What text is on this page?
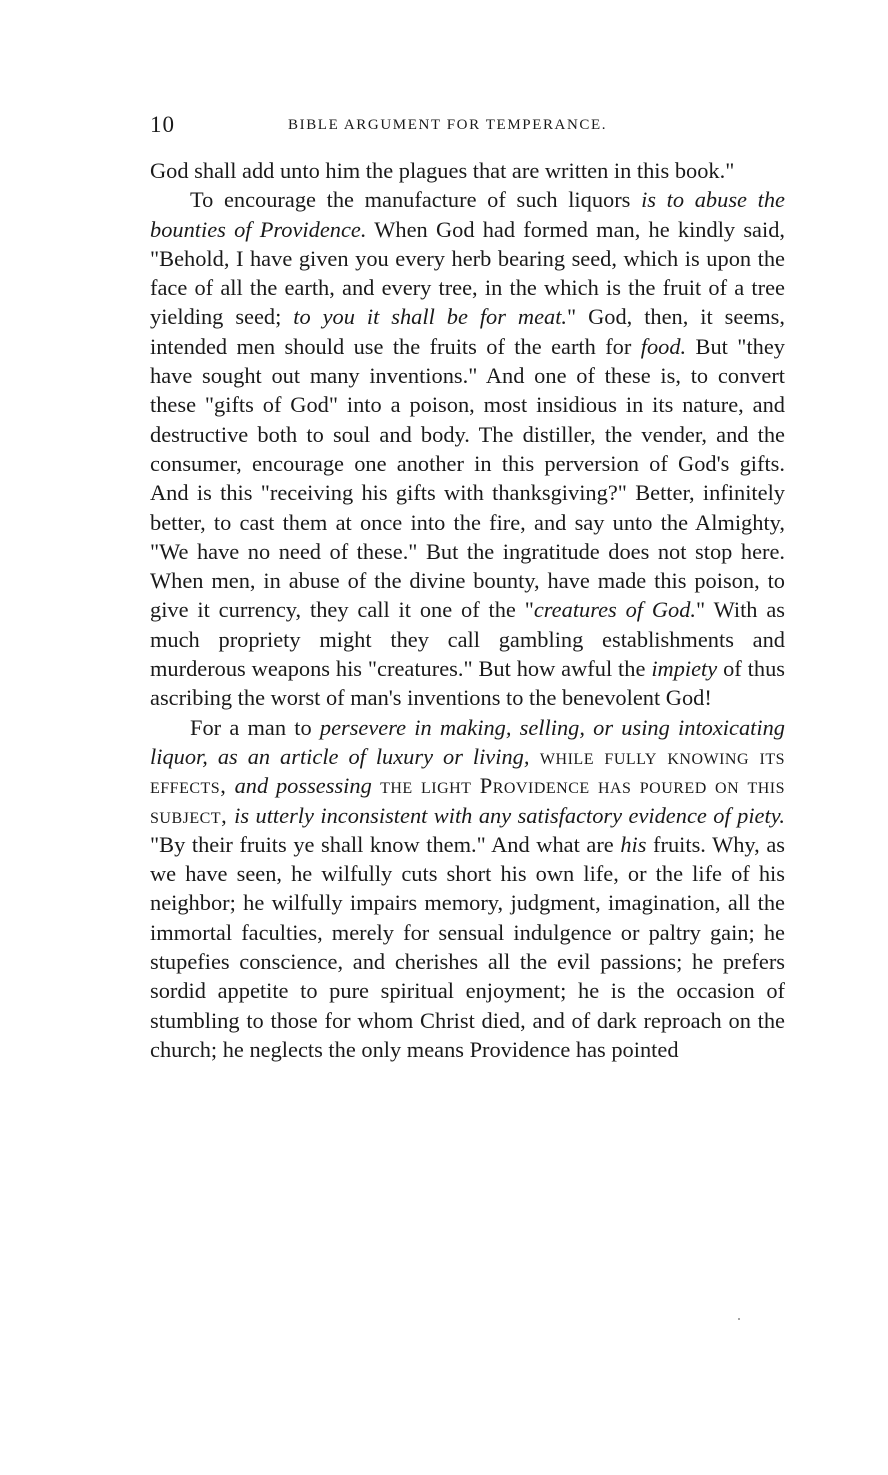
10	BIBLE ARGUMENT FOR TEMPERANCE.

God shall add unto him the plagues that are written in this book."

To encourage the manufacture of such liquors is to abuse the bounties of Providence. When God had formed man, he kindly said, "Behold, I have given you every herb bearing seed, which is upon the face of all the earth, and every tree, in the which is the fruit of a tree yielding seed; to you it shall be for meat." God, then, it seems, intended men should use the fruits of the earth for food. But "they have sought out many inventions." And one of these is, to convert these "gifts of God" into a poison, most insidious in its nature, and destructive both to soul and body. The distiller, the vender, and the consumer, encourage one another in this perversion of God's gifts. And is this "receiving his gifts with thanksgiving?" Better, infinitely better, to cast them at once into the fire, and say unto the Almighty, "We have no need of these." But the ingratitude does not stop here. When men, in abuse of the divine bounty, have made this poison, to give it currency, they call it one of the "creatures of God." With as much propriety might they call gambling establishments and murderous weapons his "creatures." But how awful the impiety of thus ascribing the worst of man's inventions to the benevolent God!

For a man to persevere in making, selling, or using intoxicating liquor, as an article of luxury or living, while fully knowing its effects, and possessing the light Providence has poured on this subject, is utterly inconsistent with any satisfactory evidence of piety. "By their fruits ye shall know them." And what are his fruits. Why, as we have seen, he wilfully cuts short his own life, or the life of his neighbor; he wilfully impairs memory, judgment, imagination, all the immortal faculties, merely for sensual indulgence or paltry gain; he stupefies conscience, and cherishes all the evil passions; he prefers sordid appetite to pure spiritual enjoyment; he is the occasion of stumbling to those for whom Christ died, and of dark reproach on the church; he neglects the only means Providence has pointed
